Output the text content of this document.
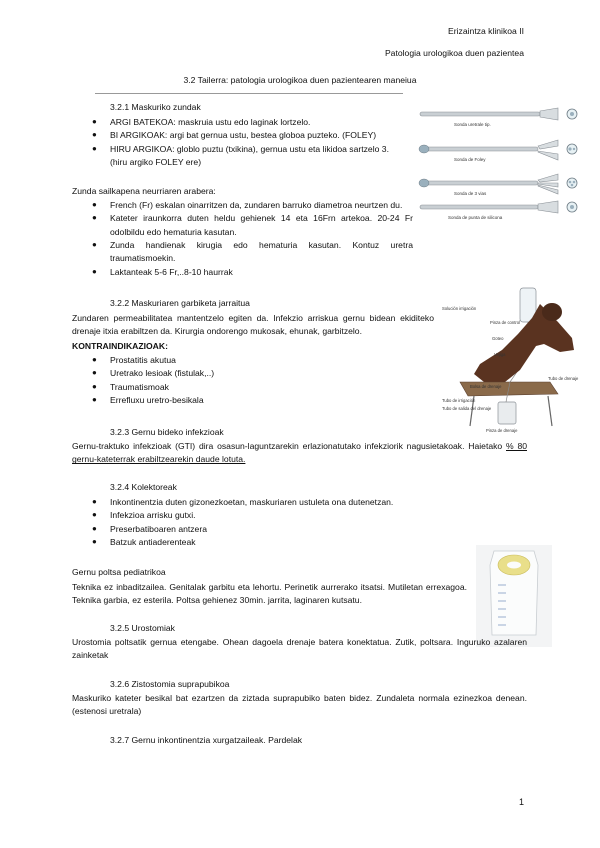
Erizaintza klinikoa II
Patologia urologikoa duen pazientea
3.2 Tailerra: patologia urologikoa duen pazientearen maneiua
3.2.1 Maskuriko zundak
● ARGI BATEKOA: maskruia ustu edo laginak lortzelo.
● BI ARGIKOAK: argi bat gernua ustu, bestea globoa puzteko. (FOLEY)
● HIRU ARGIKOA: globlo puztu (txikina), gernua ustu eta likidoa sartzelo 3.
(hiru argiko FOLEY ere)
Zunda sailkapena neurriaren arabera:
● French (Fr) eskalan oinarritzen da, zundaren barruko diametroa neurtzen du.
● Kateter iraunkorra duten heldu gehienek 14 eta 16Frn artekoa. 20-24 Fr odolbildu edo hematuria kasutan.
● Zunda handienak kirugia edo hematuria kasutan. Kontuz uretra traumatismoekin.
● Laktanteak 5-6 Fr,..8-10 haurrak
Sonda uretrale tip.
Sonda de Foley
Sonda de 3 vias
Sonda de punta de silicona
3.2.2 Maskuriaren garbiketa jarraitua
Zundaren permeabilitatea mantentzelo egiten da. Infekzio arriskua gernu bidean ekiditeko drenaje itxia erabiltzen da. Kirurgia ondorengo mukosak, ehunak, garbitzelo.
KONTRAINDIKAZIOAK:
● Prostatitis akutua
● Uretrako lesioak (fistulak,..)
● Traumatismoak
● Errefluxu uretro-besikala
Solución irrigación
Pinza de control
Goteo
Vejiga
Bolsa de drenaje
Tubo de irrigación
Tubo de salida del drenaje
Tubo de drenaje
Pinza de drenaje
3.2.3 Gernu bideko infekzioak
Gernu-traktuko infekzioak (GTI) dira osasun-laguntzarekin erlazionatutako infekziorik nagusietakoak. Haietako % 80 gernu-kateterrak erabiltzearekin daude lotuta.
3.2.4 Kolektoreak
● Inkontinentzia duten gizonezkoetan, maskuriaren ustuleta ona dutenetzan.
● Infekzioa arrisku gutxi.
● Preserbatiboaren antzera
● Batzuk antiaderenteak
Gernu poltsa pediatrikoa
Teknika ez inbaditzailea. Genitalak garbitu eta lehortu. Perinetik aurrerako itsatsi. Mutiletan errexagoa. Teknika garbia, ez esterila. Poltsa gehienez 30min. jarrita, laginaren kutsatu.
3.2.5 Urostomiak
Urostomia poltsatik gernua etengabe. Ohean dagoela drenaje batera konektatua. Zutik, poltsara. Inguruko azalaren zainketak
3.2.6 Zistostomia suprapubikoa
Maskuriko kateter besikal bat ezartzen da ziztada suprapubiko baten bidez. Zundaleta normala ezinezkoa denean. (estenosi uretrala)
3.2.7 Gernu inkontinentzia xurgatzaileak. Pardelak
1
